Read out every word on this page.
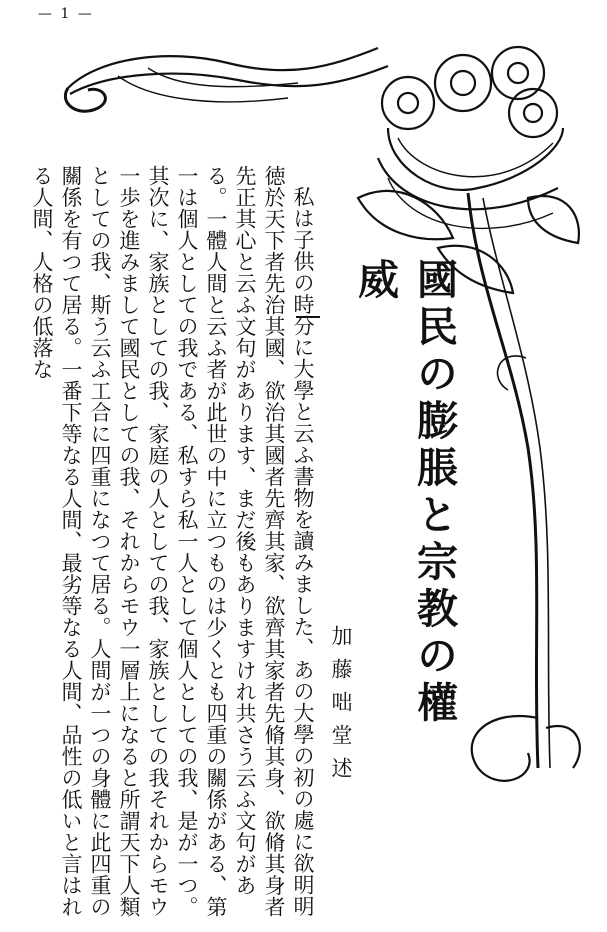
— 1 —
國民の膨脹と宗教の權威
加藤咄堂述

私は子供の時分に大學と云ふ書物を讀みました、あの大學の初の處に欲明明徳於天下者先治其國、欲治其國者先齊其家、欲齊其家者先脩其身、欲脩其身者先正其心と云ふ文句があります、まだ後もありますけれ共さう云ふ文句がある。一體人間と云ふ者が此世の中に立つものは少くとも四重の關係がある、第一は個人としての我である、私すら私一人として個人としての我、是が一つ。其次に、家族としての我、家庭の人としての我、家族としての我それからモウ一歩を進みまして國民としての我、それからモウ一層上になると所謂天下人類としての我、斯う云ふ工合に四重になつて居る。人間が一つの身體に此四重の關係を有つて居る。一番下等なる人間、最劣等なる人間、品性の低いと言はれる人間、人格の低落な
